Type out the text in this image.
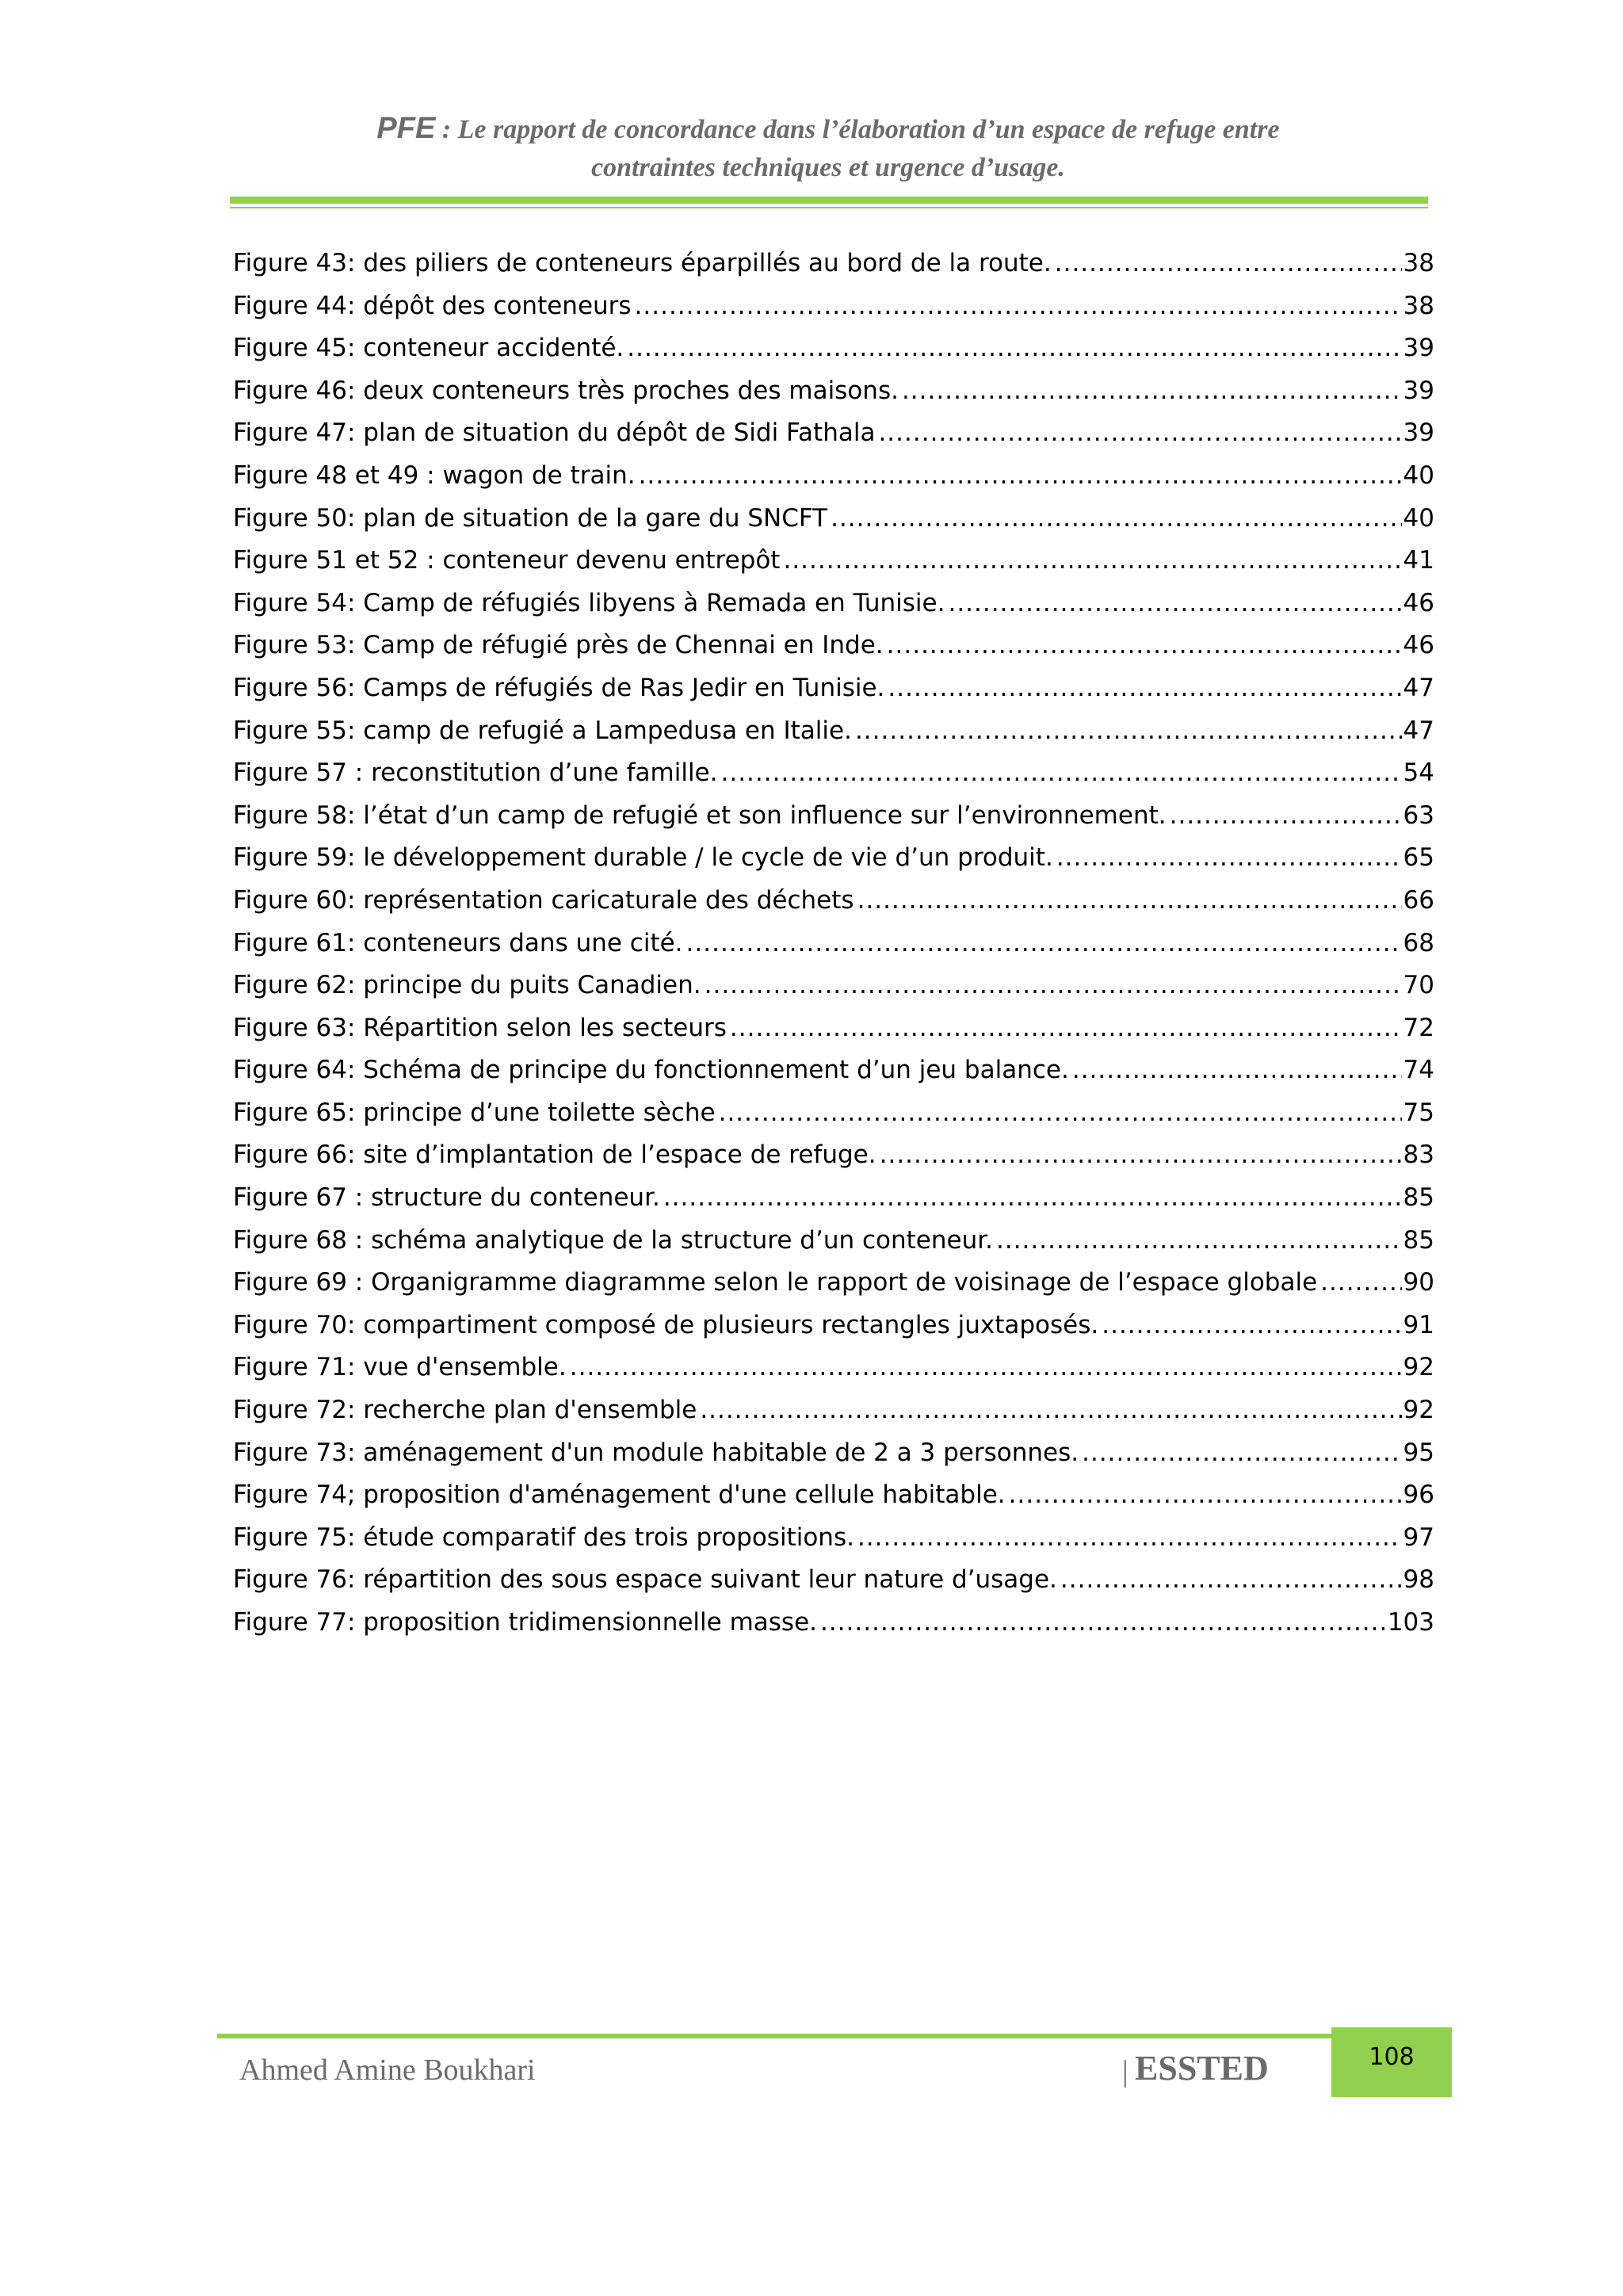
PFE : Le rapport de concordance dans l’élaboration d’un espace de refuge entre
contraintes techniques et urgence d’usage.
Figure 43: des piliers de conteneurs éparpillés au bord de la route. .....	38
Figure 44: dépôt des conteneurs .....	38
Figure 45: conteneur accidenté. .....	39
Figure 46: deux conteneurs très proches des maisons. .....	39
Figure 47: plan de situation du dépôt de Sidi Fathala .....	39
Figure 48 et 49 : wagon de train. .....	40
Figure 50: plan de situation de la gare du SNCFT .....	40
Figure 51 et 52 : conteneur devenu entrepôt .....	41
Figure 54: Camp de réfugiés libyens à Remada en Tunisie. .....	46
Figure 53: Camp de réfugié près de Chennai en Inde. .....	46
Figure 56: Camps de réfugiés de Ras Jedir en Tunisie. .....	47
Figure 55: camp de refugié a Lampedusa en Italie. .....	47
Figure 57 : reconstitution d’une famille. .....	54
Figure 58: l’état d’un camp de refugié et son influence sur l’environnement. .....	63
Figure 59: le développement durable / le cycle de vie d’un produit. .....	65
Figure 60: représentation caricaturale des déchets .....	66
Figure 61: conteneurs dans une cité. .....	68
Figure 62: principe du puits Canadien. .....	70
Figure 63: Répartition selon les secteurs .....	72
Figure 64: Schéma de principe du fonctionnement d’un jeu balance. .....	74
Figure 65: principe d’une toilette sèche .....	75
Figure 66: site d’implantation de l’espace de refuge. .....	83
Figure 67 : structure du conteneur. .....	85
Figure 68 : schéma analytique de la structure d’un conteneur. .....	85
Figure 69 : Organigramme diagramme selon le rapport de voisinage de l’espace globale .....	90
Figure 70: compartiment composé de plusieurs rectangles juxtaposés. .....	91
Figure 71: vue d'ensemble. .....	92
Figure 72: recherche plan d'ensemble .....	92
Figure 73: aménagement d'un module habitable de 2 a 3 personnes. .....	95
Figure 74; proposition d'aménagement d'une cellule habitable. .....	96
Figure 75: étude comparatif des trois propositions. .....	97
Figure 76: répartition des sous espace suivant leur nature d’usage. .....	98
Figure 77: proposition tridimensionnelle masse. .....	103
Ahmed Amine Boukhari	| ESSTED	108
